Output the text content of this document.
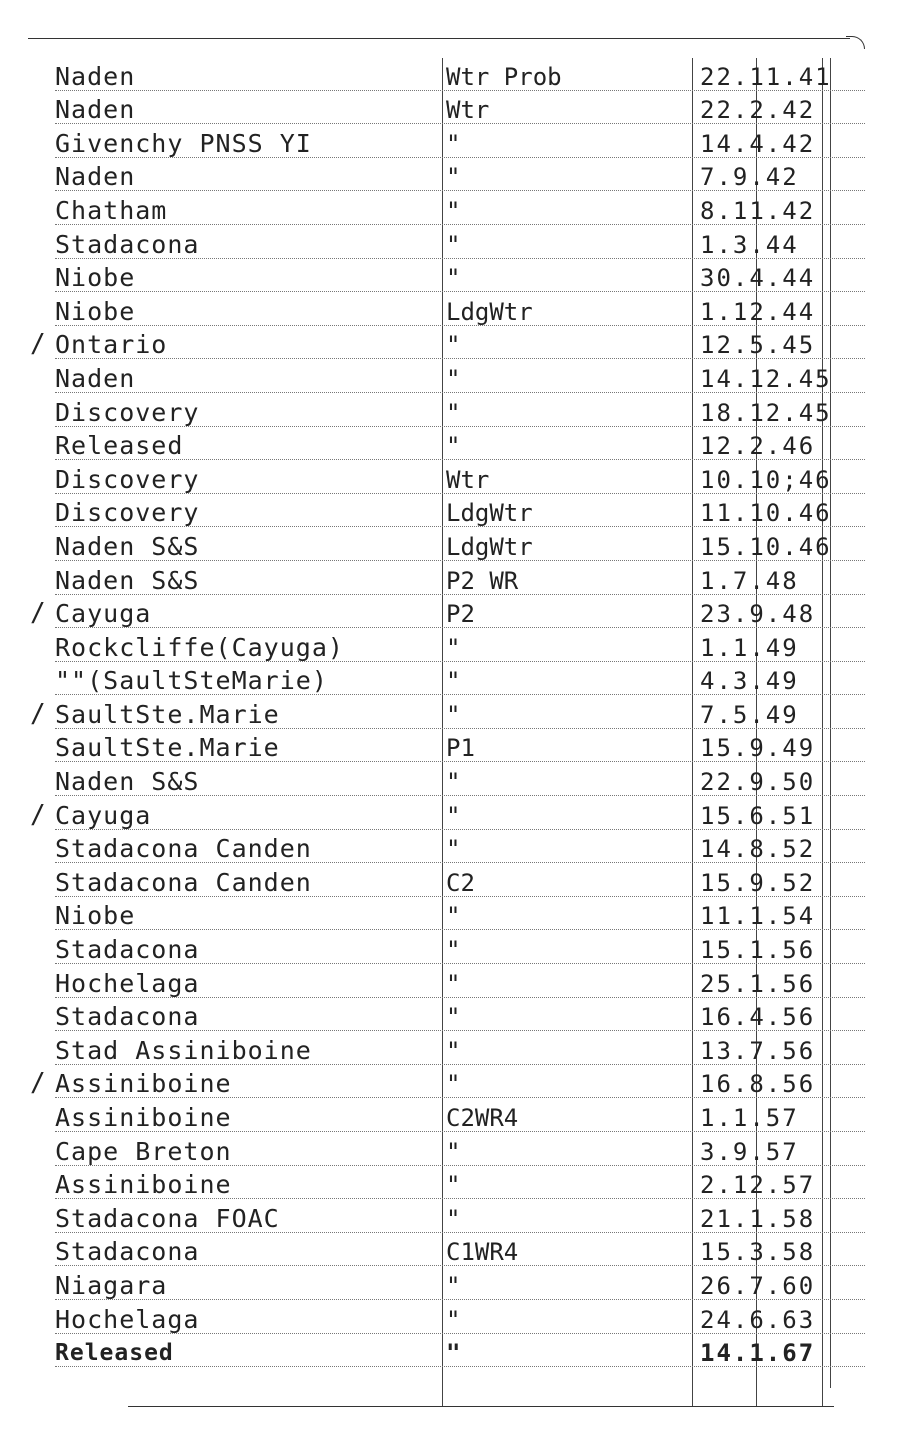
Naden	Wtr Prob	22.11.41
Naden	Wtr	22.2.42
Givenchy PNSS YI	"	14.4.42
Naden	"	7.9.42
Chatham	"	8.11.42
Stadacona	"	1.3.44
Niobe	"	30.4.44
Niobe	LdgWtr	1.12.44
/ Ontario	"	12.5.45
Naden	"	14.12.45
Discovery	"	18.12.45
Released	"	12.2.46
Discovery	Wtr	10.10;46
Discovery	LdgWtr	11.10.46
Naden S&S	LdgWtr	15.10.46
Naden S&S	P2 WR	1.7.48
/ Cayuga	P2	23.9.48
Rockcliffe(Cayuga)	"	1.1.49
""(SaultSteMarie)	"	4.3.49
/ SaultSte.Marie	"	7.5.49
SaultSte.Marie	P1	15.9.49
Naden S&S	"	22.9.50
/ Cayuga	"	15.6.51
Stadacona Canden	"	14.8.52
Stadacona Canden	C2	15.9.52
Niobe	"	11.1.54
Stadacona	"	15.1.56
Hochelaga	"	25.1.56
Stadacona	"	16.4.56
Stad Assiniboine	"	13.7.56
/ Assiniboine	"	16.8.56
Assiniboine	C2WR4	1.1.57
Cape Breton	"	3.9.57
Assiniboine	"	2.12.57
Stadacona FOAC	"	21.1.58
Stadacona	C1WR4	15.3.58
Niagara	"	26.7.60
Hochelaga	"	24.6.63
Released	"	14.1.67
